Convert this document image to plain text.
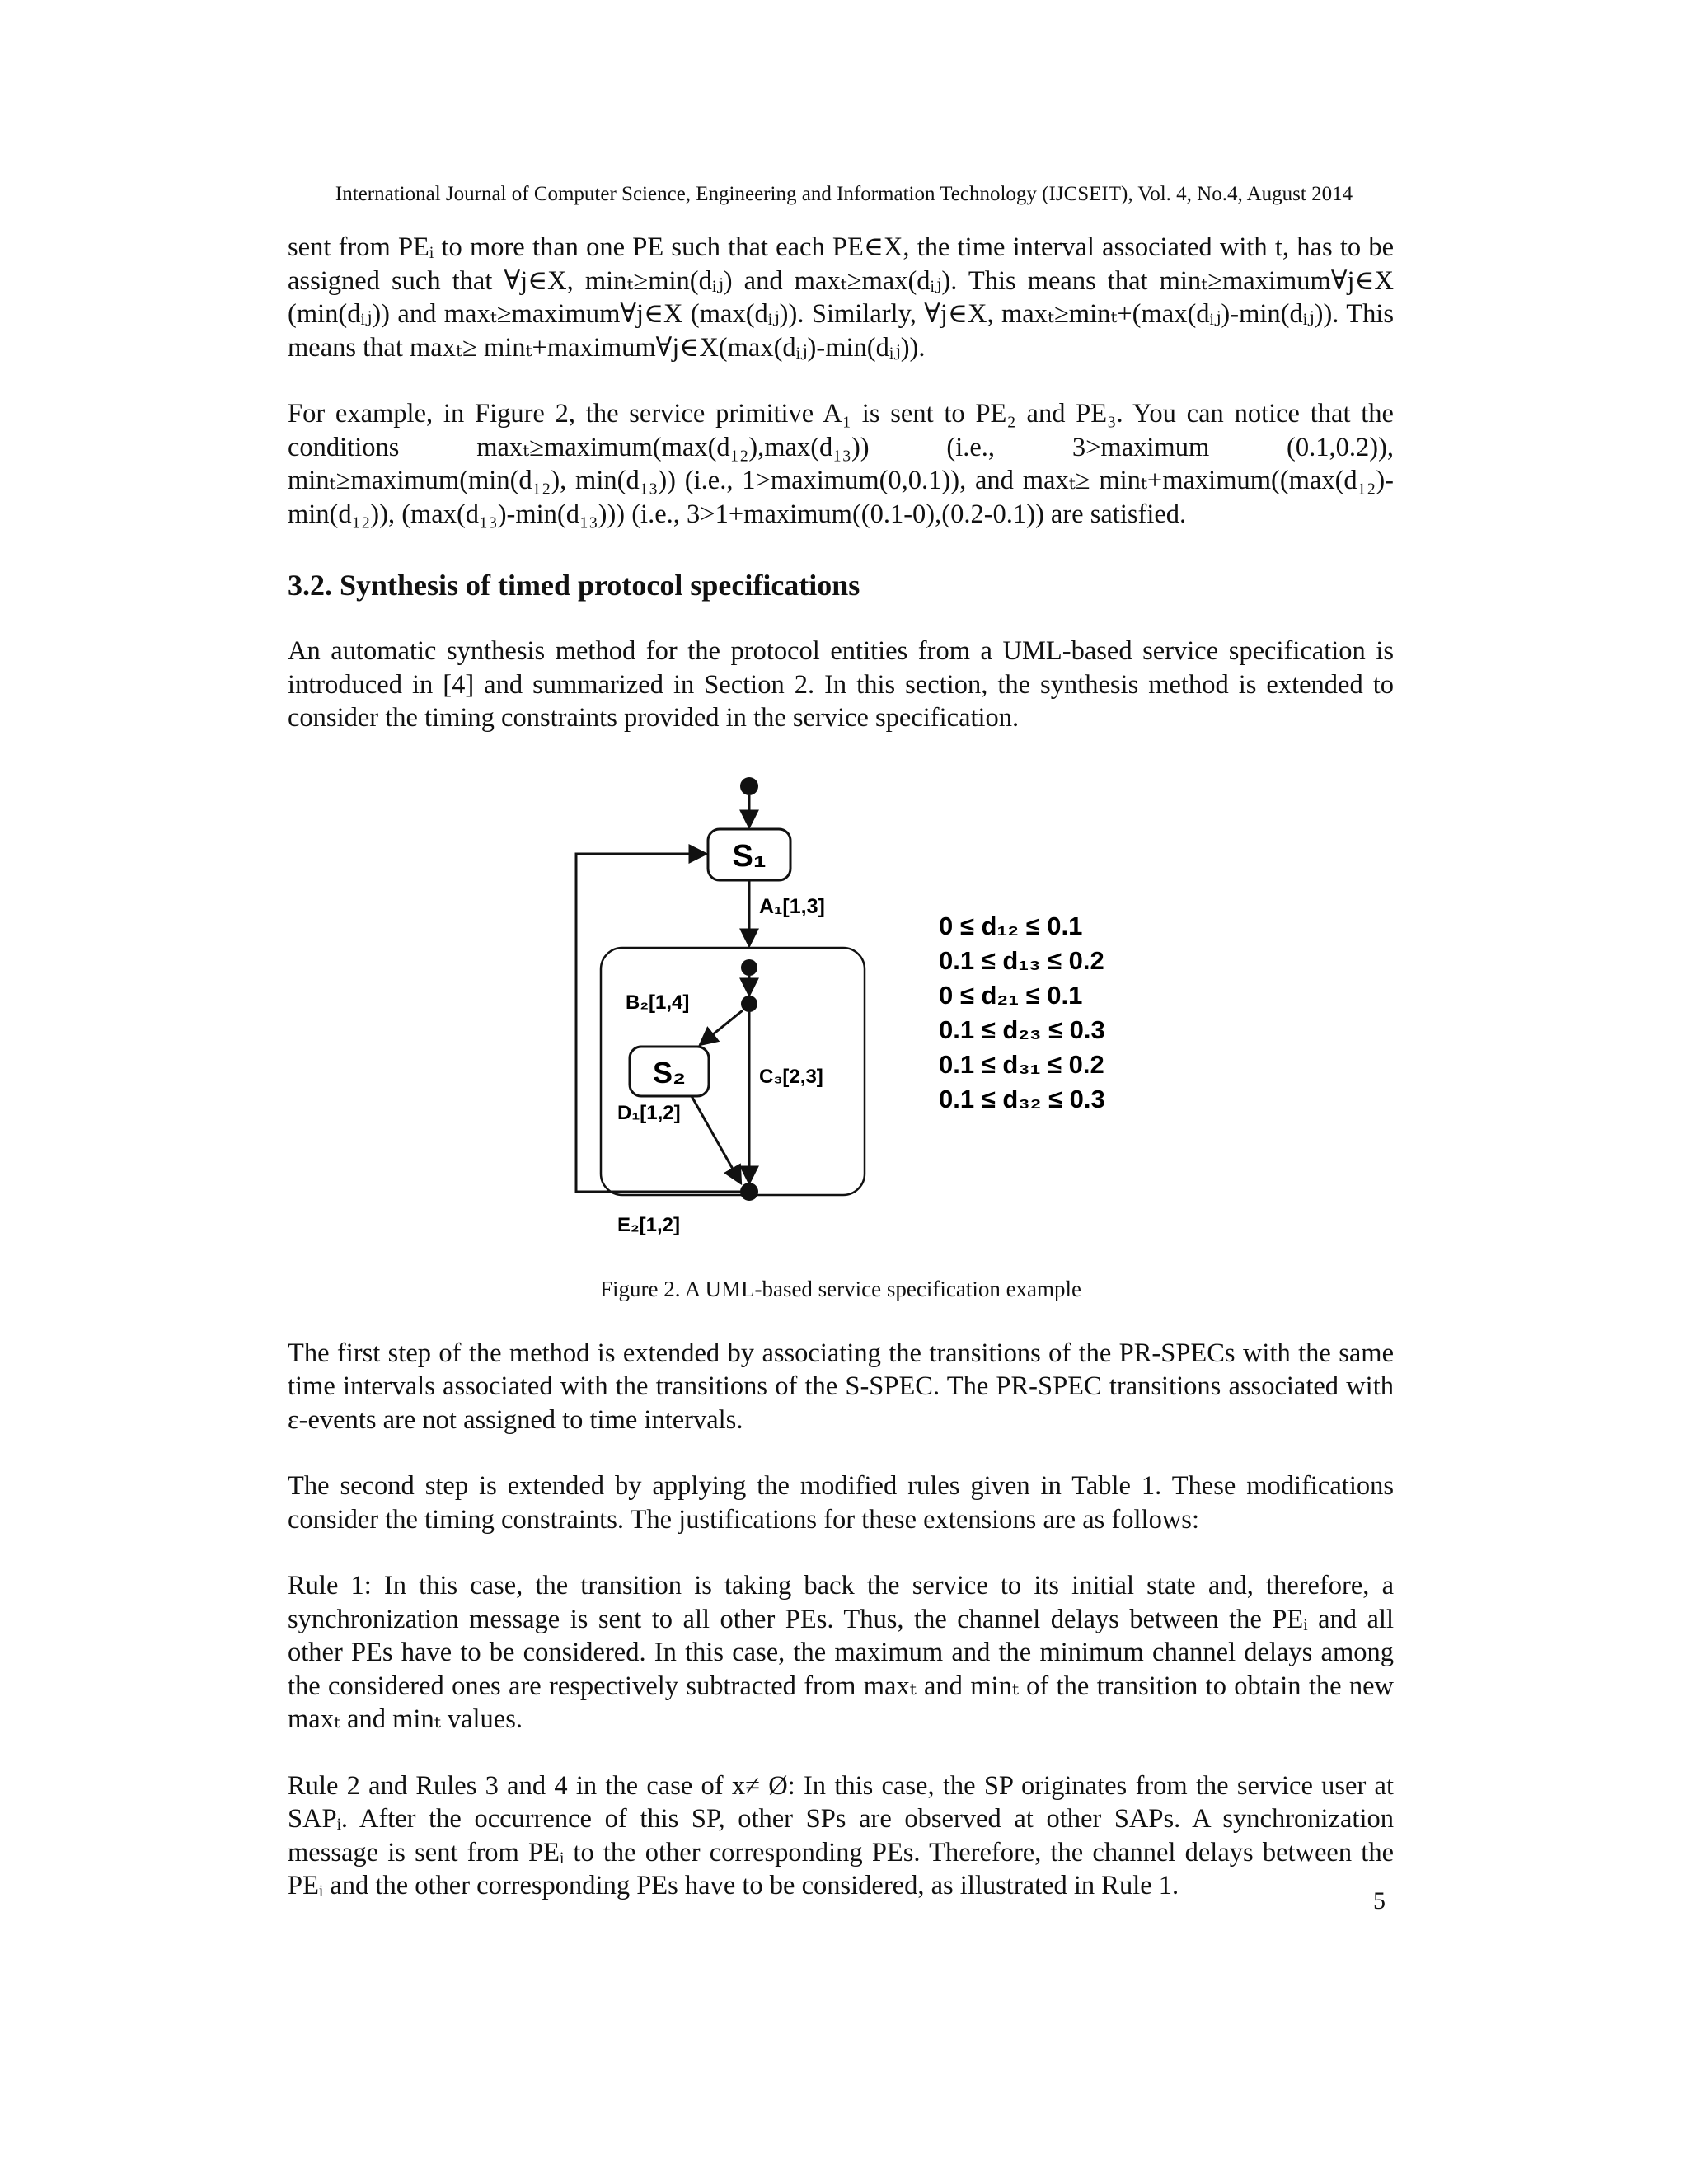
International Journal of Computer Science, Engineering and Information Technology (IJCSEIT), Vol. 4, No.4, August 2014

sent from PEᵢ to more than one PE such that each PE∈X, the time interval associated with t, has to be assigned such that ∀j∈X, minₜ≥min(dᵢⱼ) and maxₜ≥max(dᵢⱼ). This means that minₜ≥maximum∀j∈X (min(dᵢⱼ)) and maxₜ≥maximum∀j∈X (max(dᵢⱼ)). Similarly, ∀j∈X, maxₜ≥minₜ+(max(dᵢⱼ)-min(dᵢⱼ)). This means that maxₜ≥ minₜ+maximum∀j∈X(max(dᵢⱼ)-min(dᵢⱼ)).

For example, in Figure 2, the service primitive A₁ is sent to PE₂ and PE₃. You can notice that the conditions maxₜ≥maximum(max(d₁₂),max(d₁₃)) (i.e., 3>maximum (0.1,0.2)), minₜ≥maximum(min(d₁₂), min(d₁₃)) (i.e., 1>maximum(0,0.1)), and maxₜ≥ minₜ+maximum((max(d₁₂)-min(d₁₂)), (max(d₁₃)-min(d₁₃))) (i.e., 3>1+maximum((0.1-0),(0.2-0.1)) are satisfied.

3.2. Synthesis of timed protocol specifications

An automatic synthesis method for the protocol entities from a UML-based service specification is introduced in [4] and summarized in Section 2. In this section, the synthesis method is extended to consider the timing constraints provided in the service specification.

S₁
A₁[1,3]
B₂[1,4]
S₂	C₃[2,3]
D₁[1,2]
E₂[1,2]
0 ≤ d₁₂ ≤ 0.1
0.1 ≤ d₁₃ ≤ 0.2
0 ≤ d₂₁ ≤ 0.1
0.1 ≤ d₂₃ ≤ 0.3
0.1 ≤ d₃₁ ≤ 0.2
0.1 ≤ d₃₂ ≤ 0.3
Figure 2. A UML-based service specification example

The first step of the method is extended by associating the transitions of the PR-SPECs with the same time intervals associated with the transitions of the S-SPEC. The PR-SPEC transitions associated with ε-events are not assigned to time intervals.

The second step is extended by applying the modified rules given in Table 1. These modifications consider the timing constraints. The justifications for these extensions are as follows:

Rule 1: In this case, the transition is taking back the service to its initial state and, therefore, a synchronization message is sent to all other PEs. Thus, the channel delays between the PEᵢ and all other PEs have to be considered. In this case, the maximum and the minimum channel delays among the considered ones are respectively subtracted from maxₜ and minₜ of the transition to obtain the new maxₜ and minₜ values.

Rule 2 and Rules 3 and 4 in the case of x≠ Ø: In this case, the SP originates from the service user at SAPᵢ. After the occurrence of this SP, other SPs are observed at other SAPs. A synchronization message is sent from PEᵢ to the other corresponding PEs. Therefore, the channel delays between the PEᵢ and the other corresponding PEs have to be considered, as illustrated in Rule 1.

5
